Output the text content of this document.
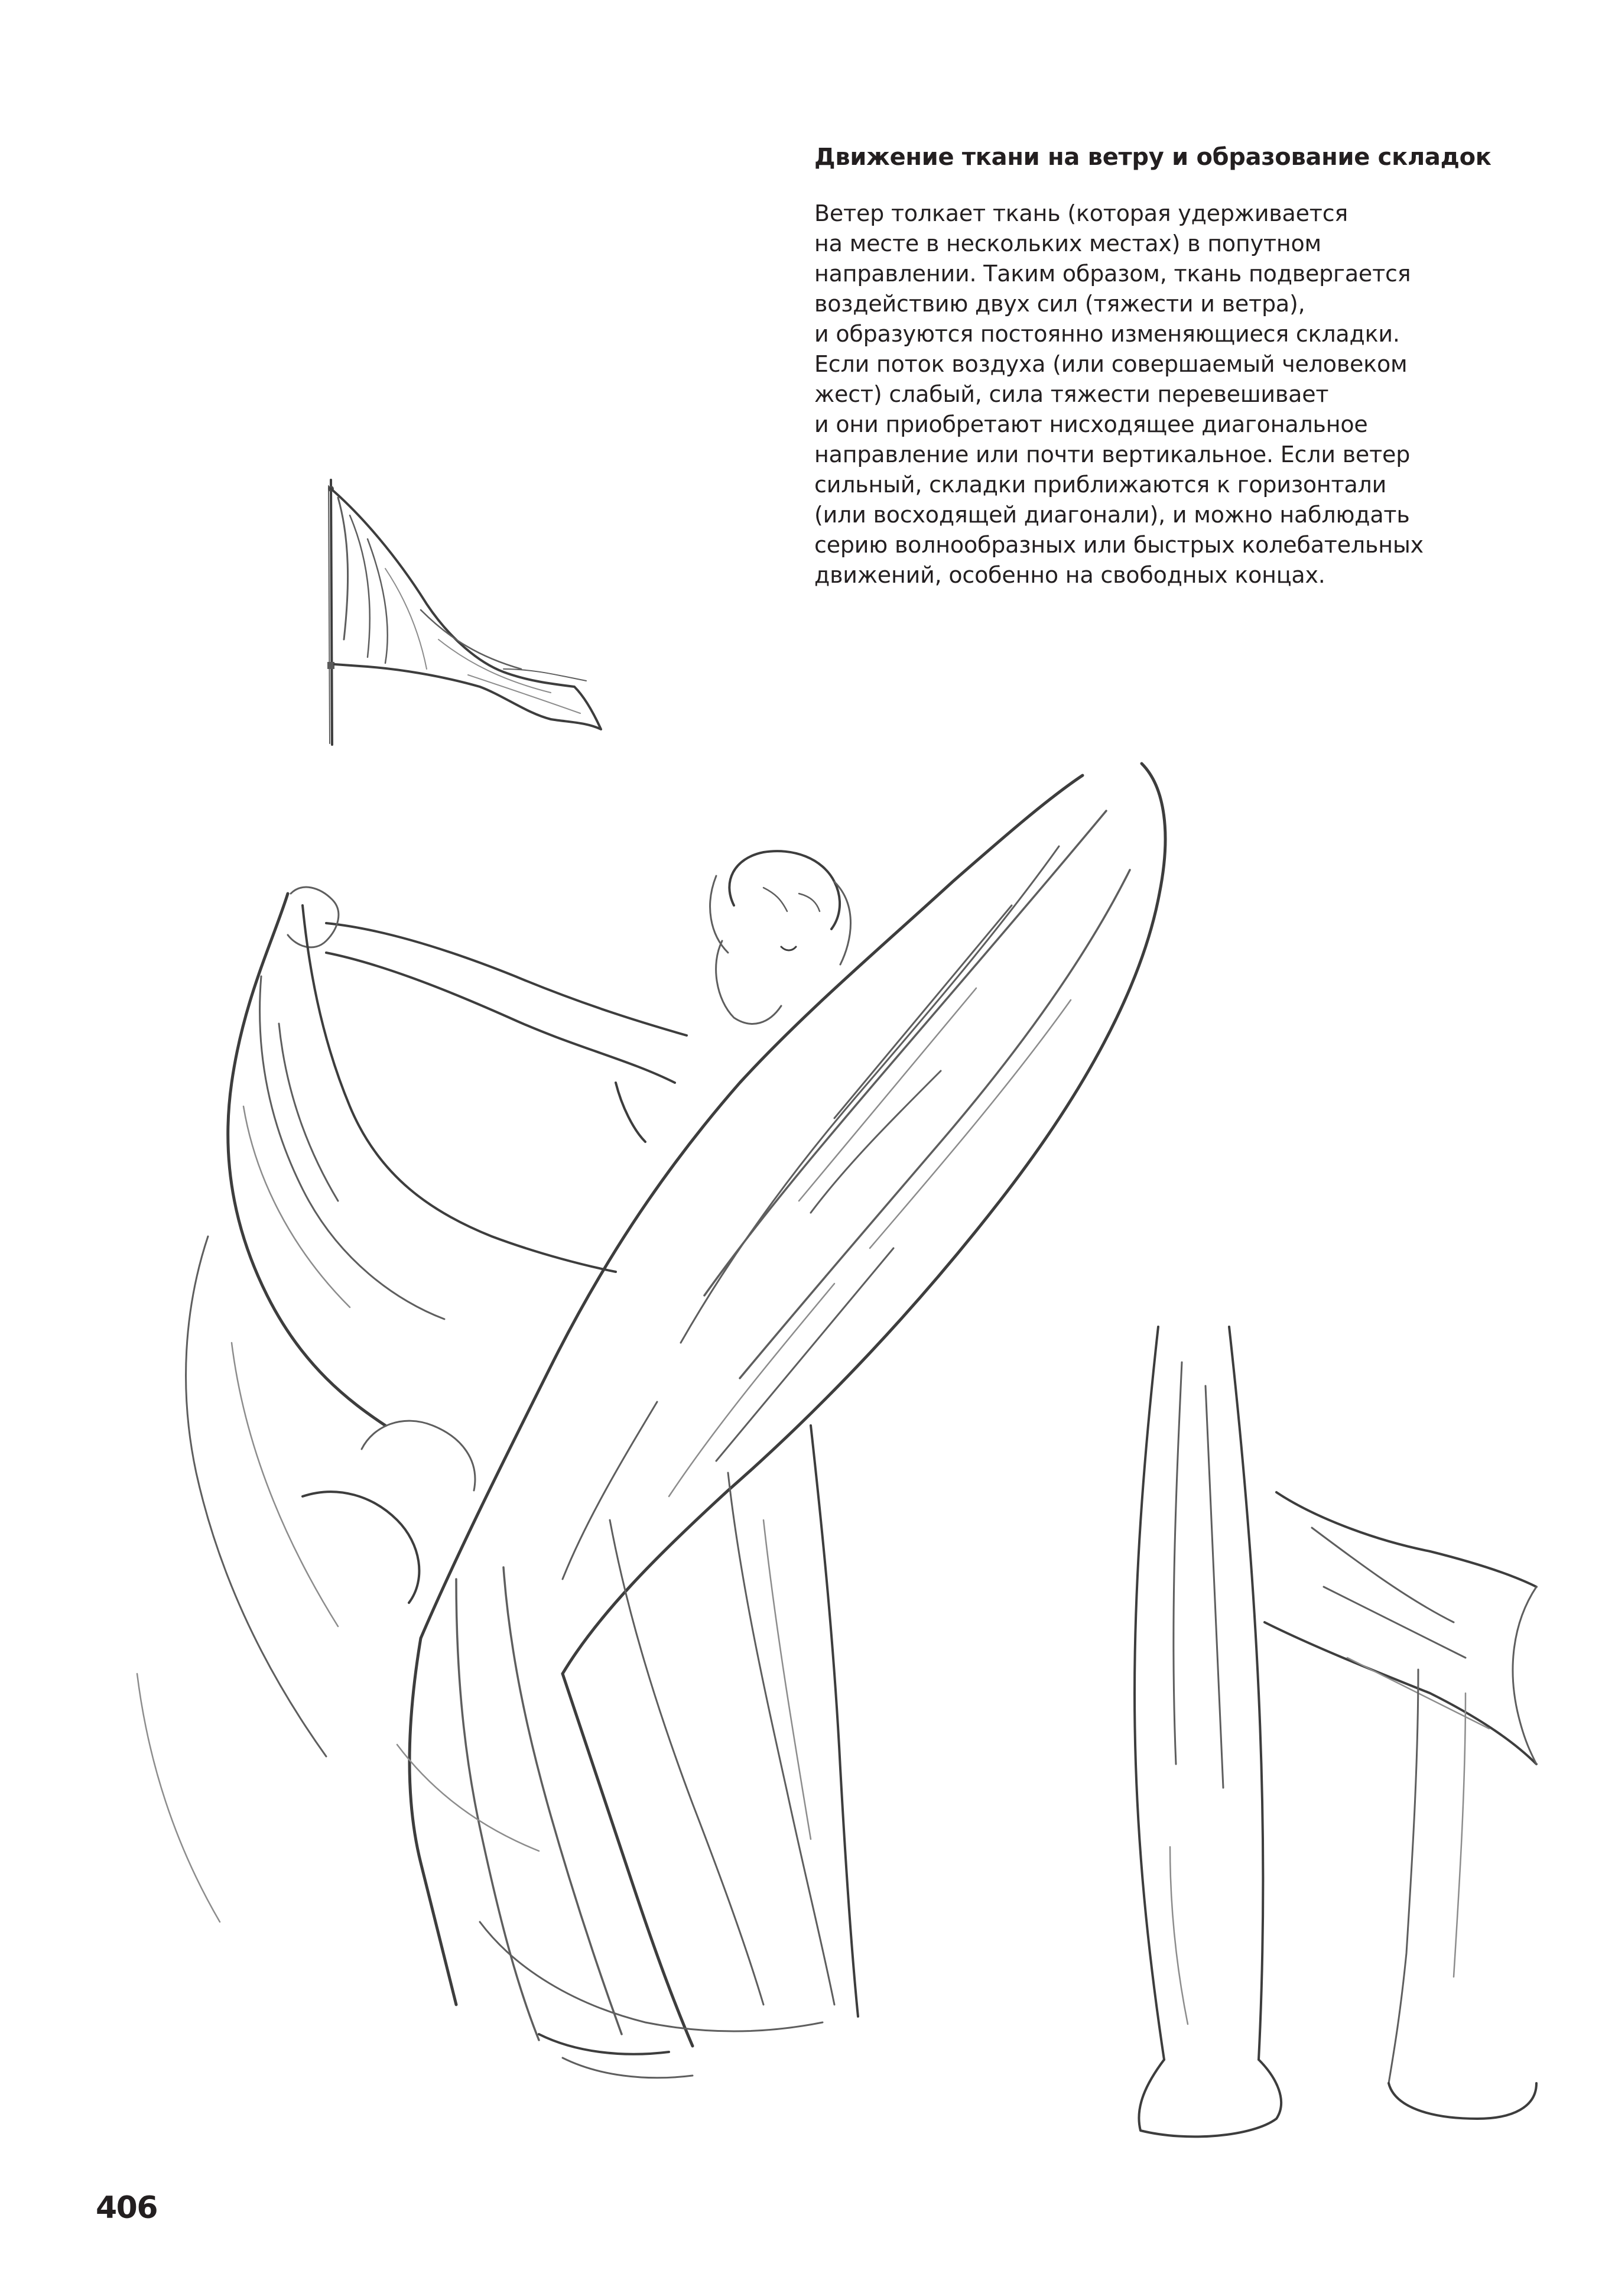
Движение ткани на ветру и образование складок

Ветер толкает ткань (которая удерживается
на месте в нескольких местах) в попутном
направлении. Таким образом, ткань подвергается
воздействию двух сил (тяжести и ветра),
и образуются постоянно изменяющиеся складки.
Если поток воздуха (или совершаемый человеком
жест) слабый, сила тяжести перевешивает
и они приобретают нисходящее диагональное
направление или почти вертикальное. Если ветер
сильный, складки приближаются к горизонтали
(или восходящей диагонали), и можно наблюдать
серию волнообразных или быстрых колебательных
движений, особенно на свободных концах.

406
